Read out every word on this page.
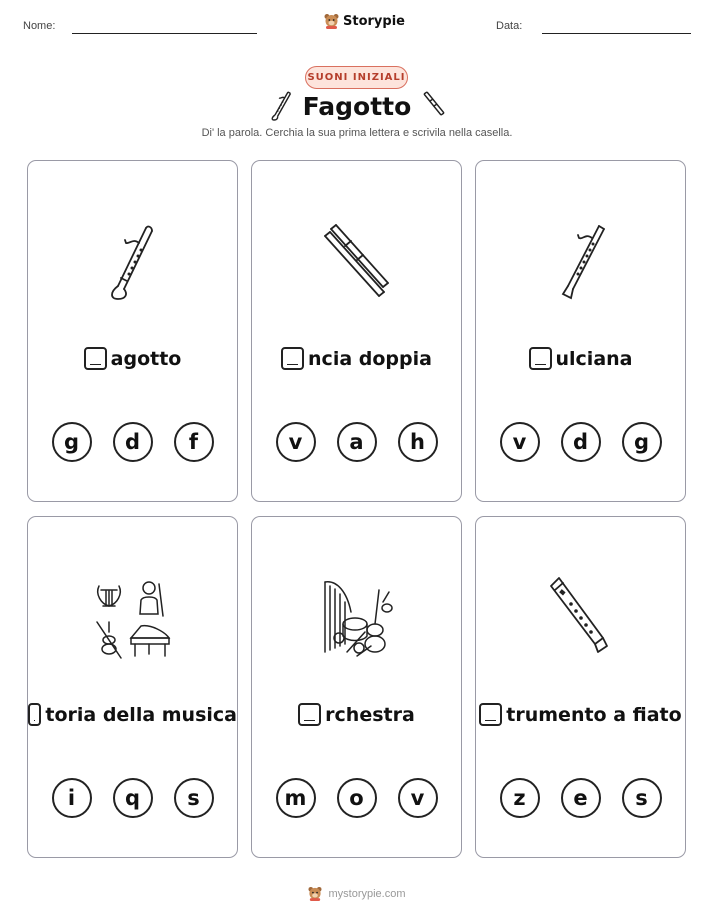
Nome:	Storypie	Data:
SUONI INIZIALI
Fagotto
Di' la parola. Cerchia la sua prima lettera e scrivila nella casella.
agotto
g	d	f
ncia doppia
v	a	h
ulciana
v	d	g
toria della musica
i	q	s
rchestra
m	o	v
trumento a fiato
z	e	s
mystorypie.com
